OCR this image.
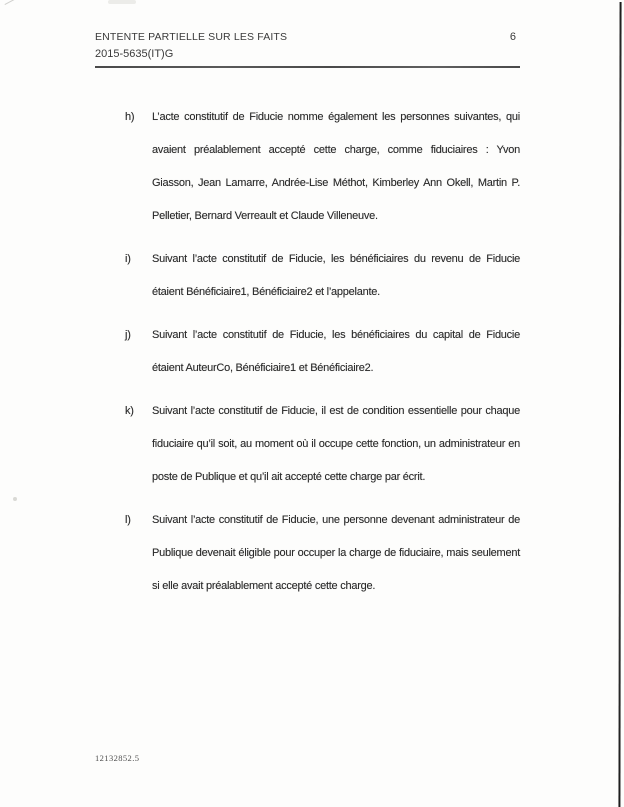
ENTENTE PARTIELLE SUR LES FAITS	6
2015-5635(IT)G
h)	L’acte constitutif de Fiducie nomme également les personnes suivantes, qui avaient préalablement accepté cette charge, comme fiduciaires : Yvon Giasson, Jean Lamarre, Andrée-Lise Méthot, Kimberley Ann Okell, Martin P. Pelletier, Bernard Verreault et Claude Villeneuve.
i)	Suivant l’acte constitutif de Fiducie, les bénéficiaires du revenu de Fiducie étaient Bénéficiaire1, Bénéficiaire2 et l’appelante.
j)	Suivant l’acte constitutif de Fiducie, les bénéficiaires du capital de Fiducie étaient AuteurCo, Bénéficiaire1 et Bénéficiaire2.
k)	Suivant l’acte constitutif de Fiducie, il est de condition essentielle pour chaque fiduciaire qu’il soit, au moment où il occupe cette fonction, un administrateur en poste de Publique et qu’il ait accepté cette charge par écrit.
l)	Suivant l’acte constitutif de Fiducie, une personne devenant administrateur de Publique devenait éligible pour occuper la charge de fiduciaire, mais seulement si elle avait préalablement accepté cette charge.
12132852.5
